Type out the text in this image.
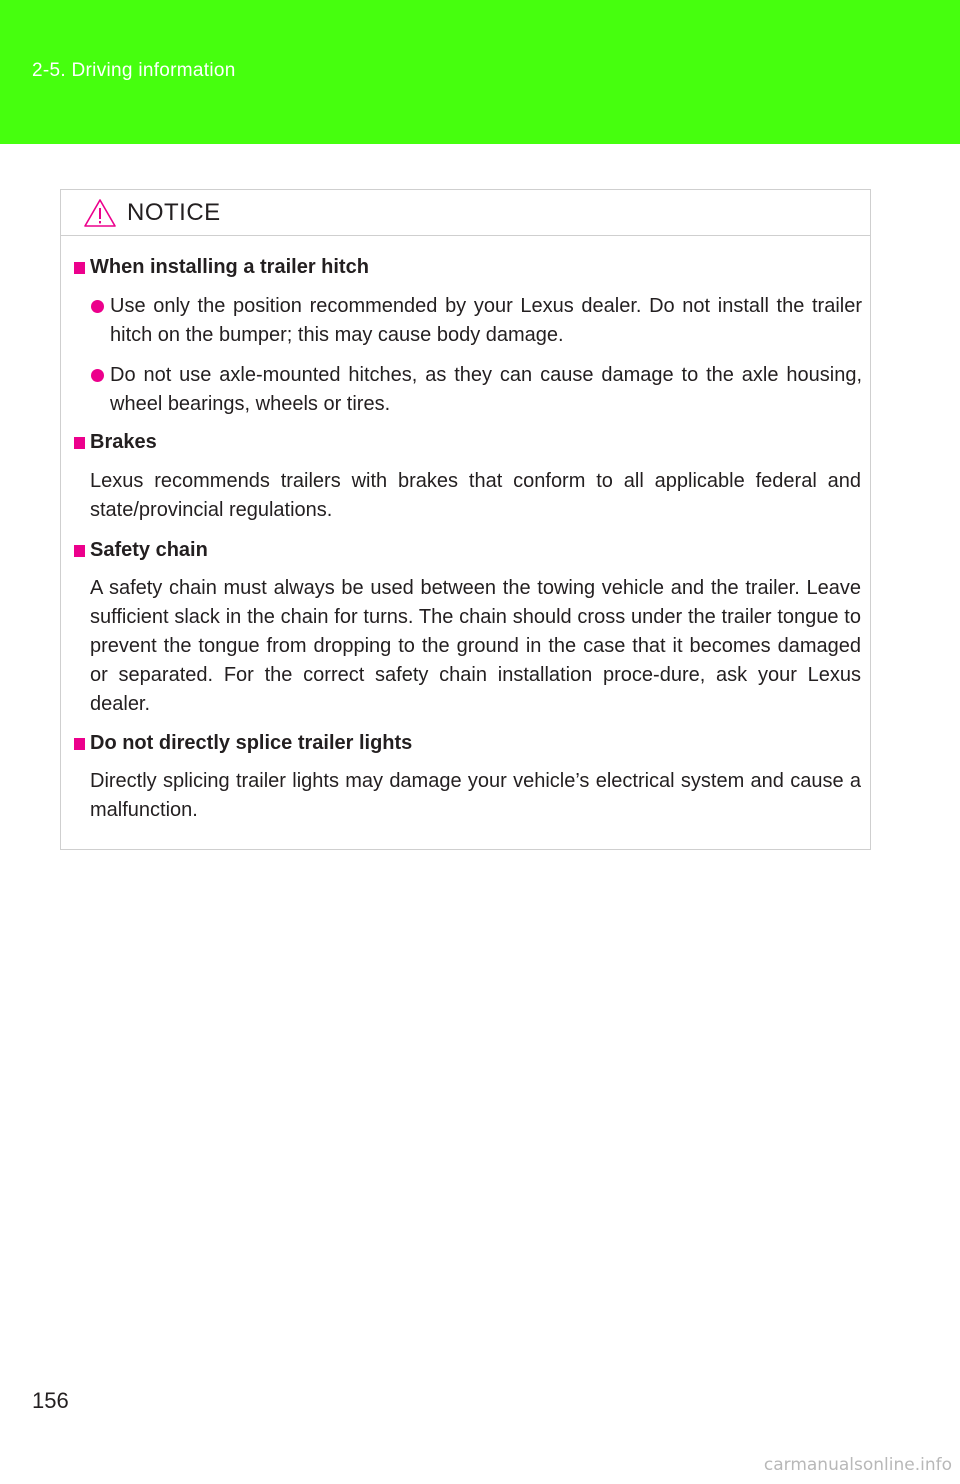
2-5. Driving information
NOTICE
When installing a trailer hitch
Use only the position recommended by your Lexus dealer. Do not install the trailer hitch on the bumper; this may cause body damage.
Do not use axle-mounted hitches, as they can cause damage to the axle housing, wheel bearings, wheels or tires.
Brakes
Lexus recommends trailers with brakes that conform to all applicable federal and state/provincial regulations.
Safety chain
A safety chain must always be used between the towing vehicle and the trailer. Leave sufficient slack in the chain for turns. The chain should cross under the trailer tongue to prevent the tongue from dropping to the ground in the case that it becomes damaged or separated. For the correct safety chain installation proce-dure, ask your Lexus dealer.
Do not directly splice trailer lights
Directly splicing trailer lights may damage your vehicle’s electrical system and cause a malfunction.
156
carmanualsonline.info
